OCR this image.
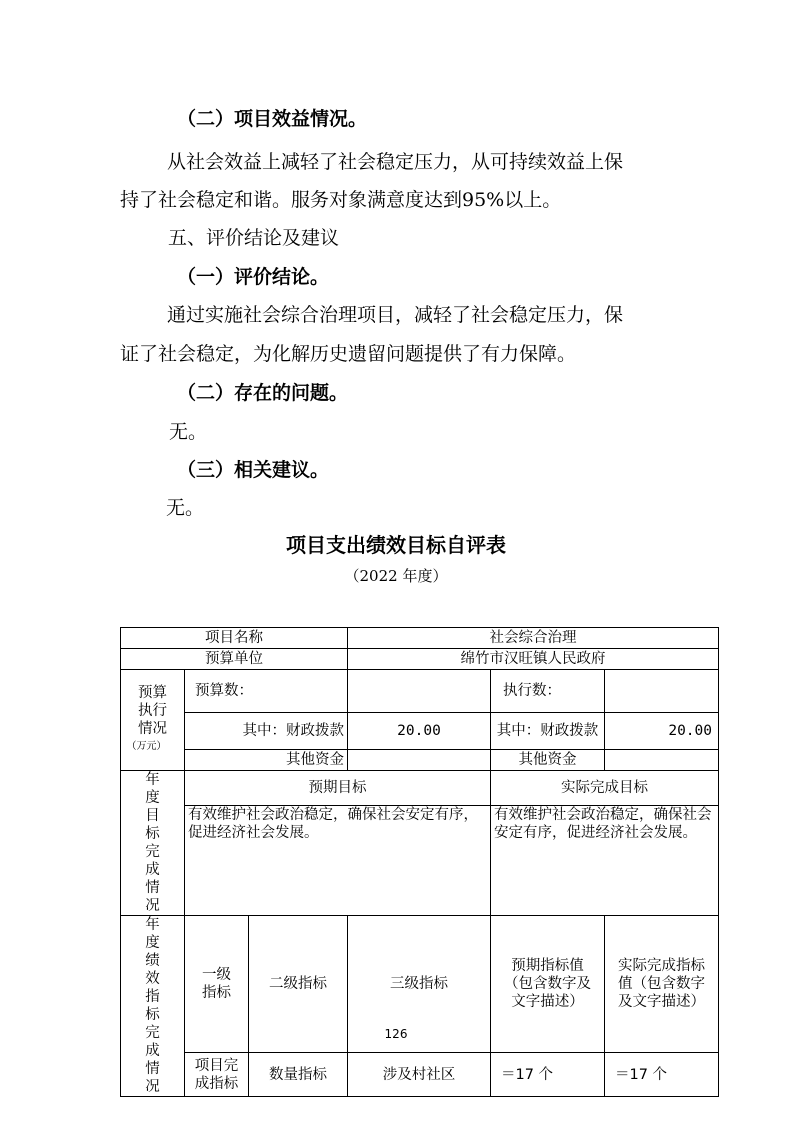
（二）项目效益情况。
从社会效益上减轻了社会稳定压力，从可持续效益上保
持了社会稳定和谐。服务对象满意度达到95%以上。
五、评价结论及建议
（一）评价结论。
通过实施社会综合治理项目，减轻了社会稳定压力，保
证了社会稳定，为化解历史遗留问题提供了有力保障。
（二）存在的问题。
无。
（三）相关建议。
无。
项目支出绩效目标自评表
（2022 年度）
项目名称			社会综合治理		
预算单位			绵竹市汉旺镇人民政府		

预算执行情况
（万元）	预算数：			执行数：	
	其中：财政拨款		20.00	其中：财政拨款	20.00
	其他资金			其他资金	
年度目标完成情况	预期目标			实际完成目标	
	有效维护社会政治稳定，确保社会安定有序，促进经济社会发展。			有效维护社会政治稳定，确保社会安定有序，促进经济社会发展。	
年度绩效指标完成情况	一级指标	二级指标	三级指标	预期指标值（包含数字及文字描述）	实际完成指标值（包含数字及文字描述）
	项目完成指标	数量指标	涉及村社区	＝17 个	＝17 个
126
